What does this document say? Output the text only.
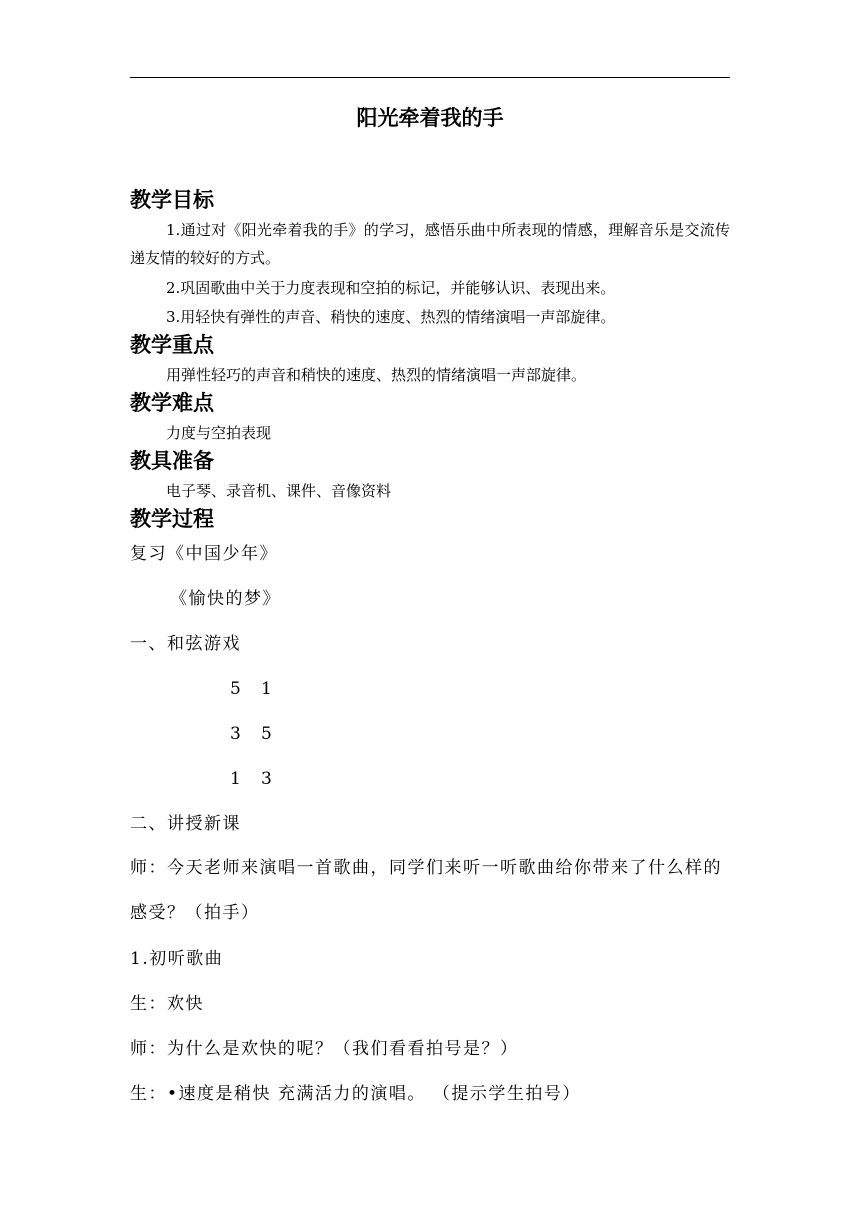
阳光牵着我的手
教学目标

1.通过对《阳光牵着我的手》的学习，感悟乐曲中所表现的情感，理解音乐是交流传递友情的较好的方式。

2.巩固歌曲中关于力度表现和空拍的标记，并能够认识、表现出来。

3.用轻快有弹性的声音、稍快的速度、热烈的情绪演唱一声部旋律。

教学重点

用弹性轻巧的声音和稍快的速度、热烈的情绪演唱一声部旋律。

教学难点

力度与空拍表现

教具准备

电子琴、录音机、课件、音像资料

教学过程

复习《中国少年》

《愉快的梦》

一、和弦游戏

5 1

3 5

1 3

二、讲授新课

师：今天老师来演唱一首歌曲，同学们来听一听歌曲给你带来了什么样的感受？（拍手）

1.初听歌曲

生：欢快

师：为什么是欢快的呢？（我们看看拍号是？）

生：•速度是稍快 充满活力的演唱。 （提示学生拍号）
